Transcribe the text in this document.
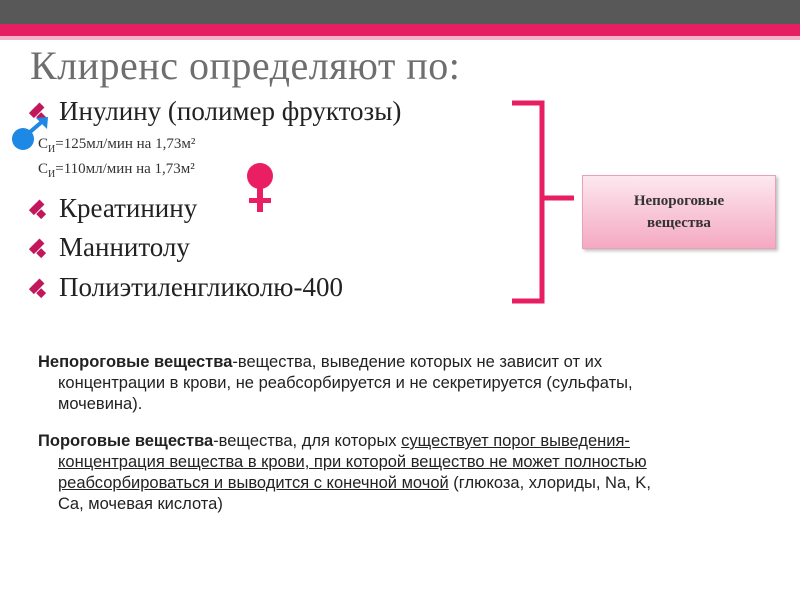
Клиренс определяют по:
Инулину (полимер фруктозы)
$C_И=125мл$/мин на 1,73м²
$C_И=110мл$/мин на 1,73м²
Креатинину
Маннитолу
Полиэтиленгликолю-400
Непороговые
вещества
Непороговые вещества-вещества, выведение которых не зависит от их
концентрации в крови, не реабсорбируется и не секретируется (сульфаты,
мочевина).
Пороговые вещества-вещества, для которых существует порог выведения-
концентрация вещества в крови, при которой вещество не может полностью
реабсорбироваться и выводится с конечной мочой (глюкоза, хлориды, Na, K,
Ca, мочевая кислота)
